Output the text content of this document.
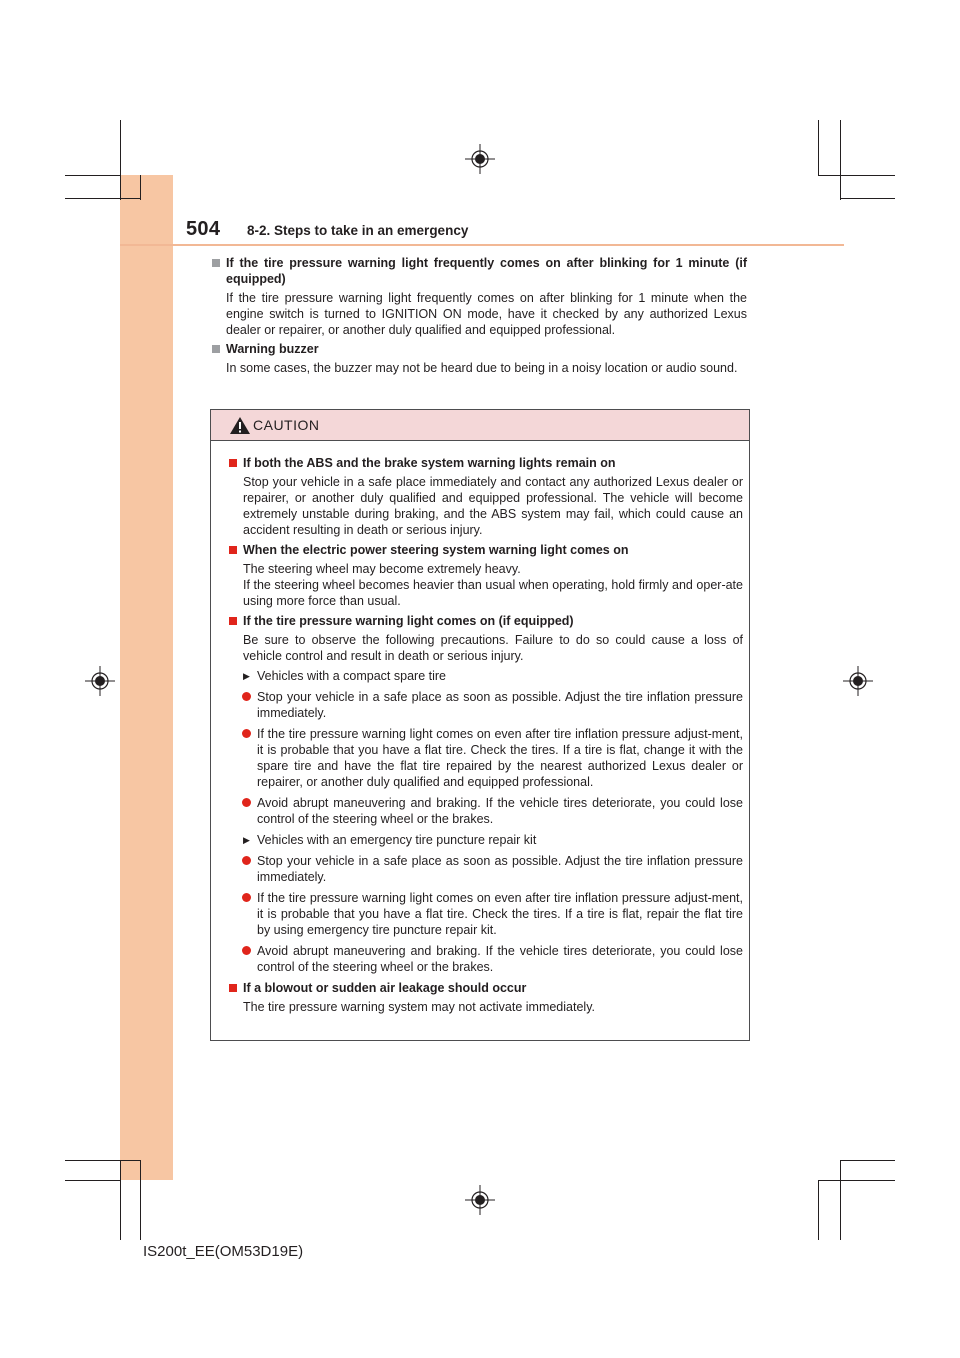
504 8-2. Steps to take in an emergency
If the tire pressure warning light frequently comes on after blinking for 1 minute (if equipped)
If the tire pressure warning light frequently comes on after blinking for 1 minute when the engine switch is turned to IGNITION ON mode, have it checked by any authorized Lexus dealer or repairer, or another duly qualified and equipped professional.
Warning buzzer
In some cases, the buzzer may not be heard due to being in a noisy location or audio sound.
CAUTION
If both the ABS and the brake system warning lights remain on
Stop your vehicle in a safe place immediately and contact any authorized Lexus dealer or repairer, or another duly qualified and equipped professional. The vehicle will become extremely unstable during braking, and the ABS system may fail, which could cause an accident resulting in death or serious injury.
When the electric power steering system warning light comes on
The steering wheel may become extremely heavy.
If the steering wheel becomes heavier than usual when operating, hold firmly and oper-ate using more force than usual.
If the tire pressure warning light comes on (if equipped)
Be sure to observe the following precautions. Failure to do so could cause a loss of vehicle control and result in death or serious injury.
▶ Vehicles with a compact spare tire
Stop your vehicle in a safe place as soon as possible. Adjust the tire inflation pressure immediately.
If the tire pressure warning light comes on even after tire inflation pressure adjust-ment, it is probable that you have a flat tire. Check the tires. If a tire is flat, change it with the spare tire and have the flat tire repaired by the nearest authorized Lexus dealer or repairer, or another duly qualified and equipped professional.
Avoid abrupt maneuvering and braking. If the vehicle tires deteriorate, you could lose control of the steering wheel or the brakes.
▶ Vehicles with an emergency tire puncture repair kit
Stop your vehicle in a safe place as soon as possible. Adjust the tire inflation pressure immediately.
If the tire pressure warning light comes on even after tire inflation pressure adjust-ment, it is probable that you have a flat tire. Check the tires. If a tire is flat, repair the flat tire by using emergency tire puncture repair kit.
Avoid abrupt maneuvering and braking. If the vehicle tires deteriorate, you could lose control of the steering wheel or the brakes.
If a blowout or sudden air leakage should occur
The tire pressure warning system may not activate immediately.
IS200t_EE(OM53D19E)
